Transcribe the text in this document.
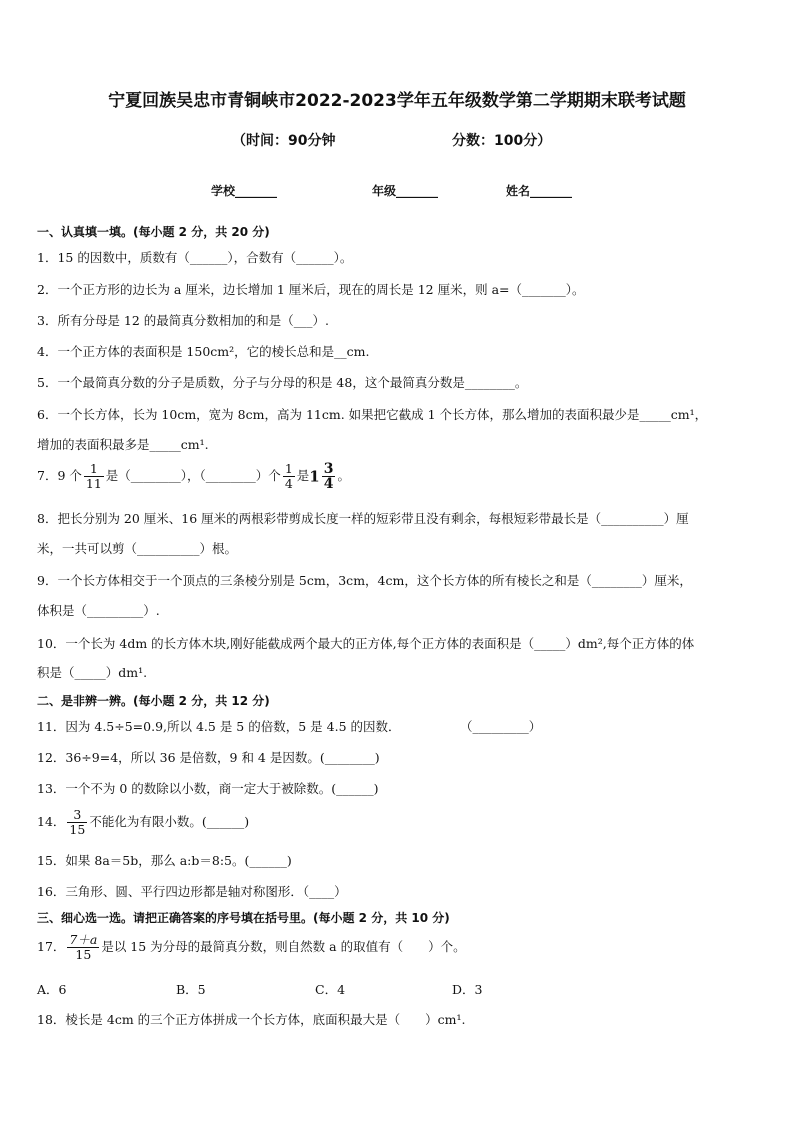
宁夏回族吴忠市青铜峡市2022-2023学年五年级数学第二学期期末联考试题
（时间：90分钟	分数：100分）
学校_______	年级_______	姓名_______
一、认真填一填。(每小题 2 分，共 20 分)
1．15 的因数中，质数有（______），合数有（______）。
2．一个正方形的边长为 a 厘米，边长增加 1 厘米后，现在的周长是 12 厘米，则 a=（_______）。
3．所有分母是 12 的最简真分数相加的和是（___）.
4．一个正方体的表面积是 150cm²，它的棱长总和是__cm.
5．一个最简真分数的分子是质数，分子与分母的积是 48，这个最简真分数是________。
6．一个长方体，长为 10cm，宽为 8cm，高为 11cm. 如果把它截成 1 个长方体，那么增加的表面积最少是_____cm¹，
增加的表面积最多是_____cm¹.
7．9 个 $\frac{1}{11}$ 是（________），（________）个 $\frac{1}{4}$ 是$1 \frac{3}{4}$ 。
8．把长分别为 20 厘米、16 厘米的两根彩带剪成长度一样的短彩带且没有剩余，每根短彩带最长是（__________）厘
米，一共可以剪（__________）根。
9．一个长方体相交于一个顶点的三条棱分别是 5cm，3cm，4cm，这个长方体的所有棱长之和是（________）厘米，
体积是（_________）.
10．一个长为 4dm 的长方体木块,刚好能截成两个最大的正方体,每个正方体的表面积是（_____）dm²,每个正方体的体
积是（_____）dm¹.
二、是非辨一辨。(每小题 2 分，共 12 分)
11．因为 4.5÷5=0.9,所以 4.5 是 5 的倍数，5 是 4.5 的因数．	（_________）
12．36÷9=4，所以 36 是倍数，9 和 4 是因数。(________)
13．一个不为 0 的数除以小数，商一定大于被除数。(______)
14． $\frac{3}{15}$ 不能化为有限小数。(______)
15．如果 8a＝5b，那么 a:b＝8:5。(______)
16．三角形、圆、平行四边形都是轴对称图形．（____）
三、细心选一选。请把正确答案的序号填在括号里。(每小题 2 分，共 10 分)
17． $\frac{7+a}{15}$ 是以 15 为分母的最简真分数，则自然数 a 的取值有（　　）个。
A．6	B．5	C．4	D．3
18．棱长是 4cm 的三个正方体拼成一个长方体，底面积最大是（　　）cm¹.
